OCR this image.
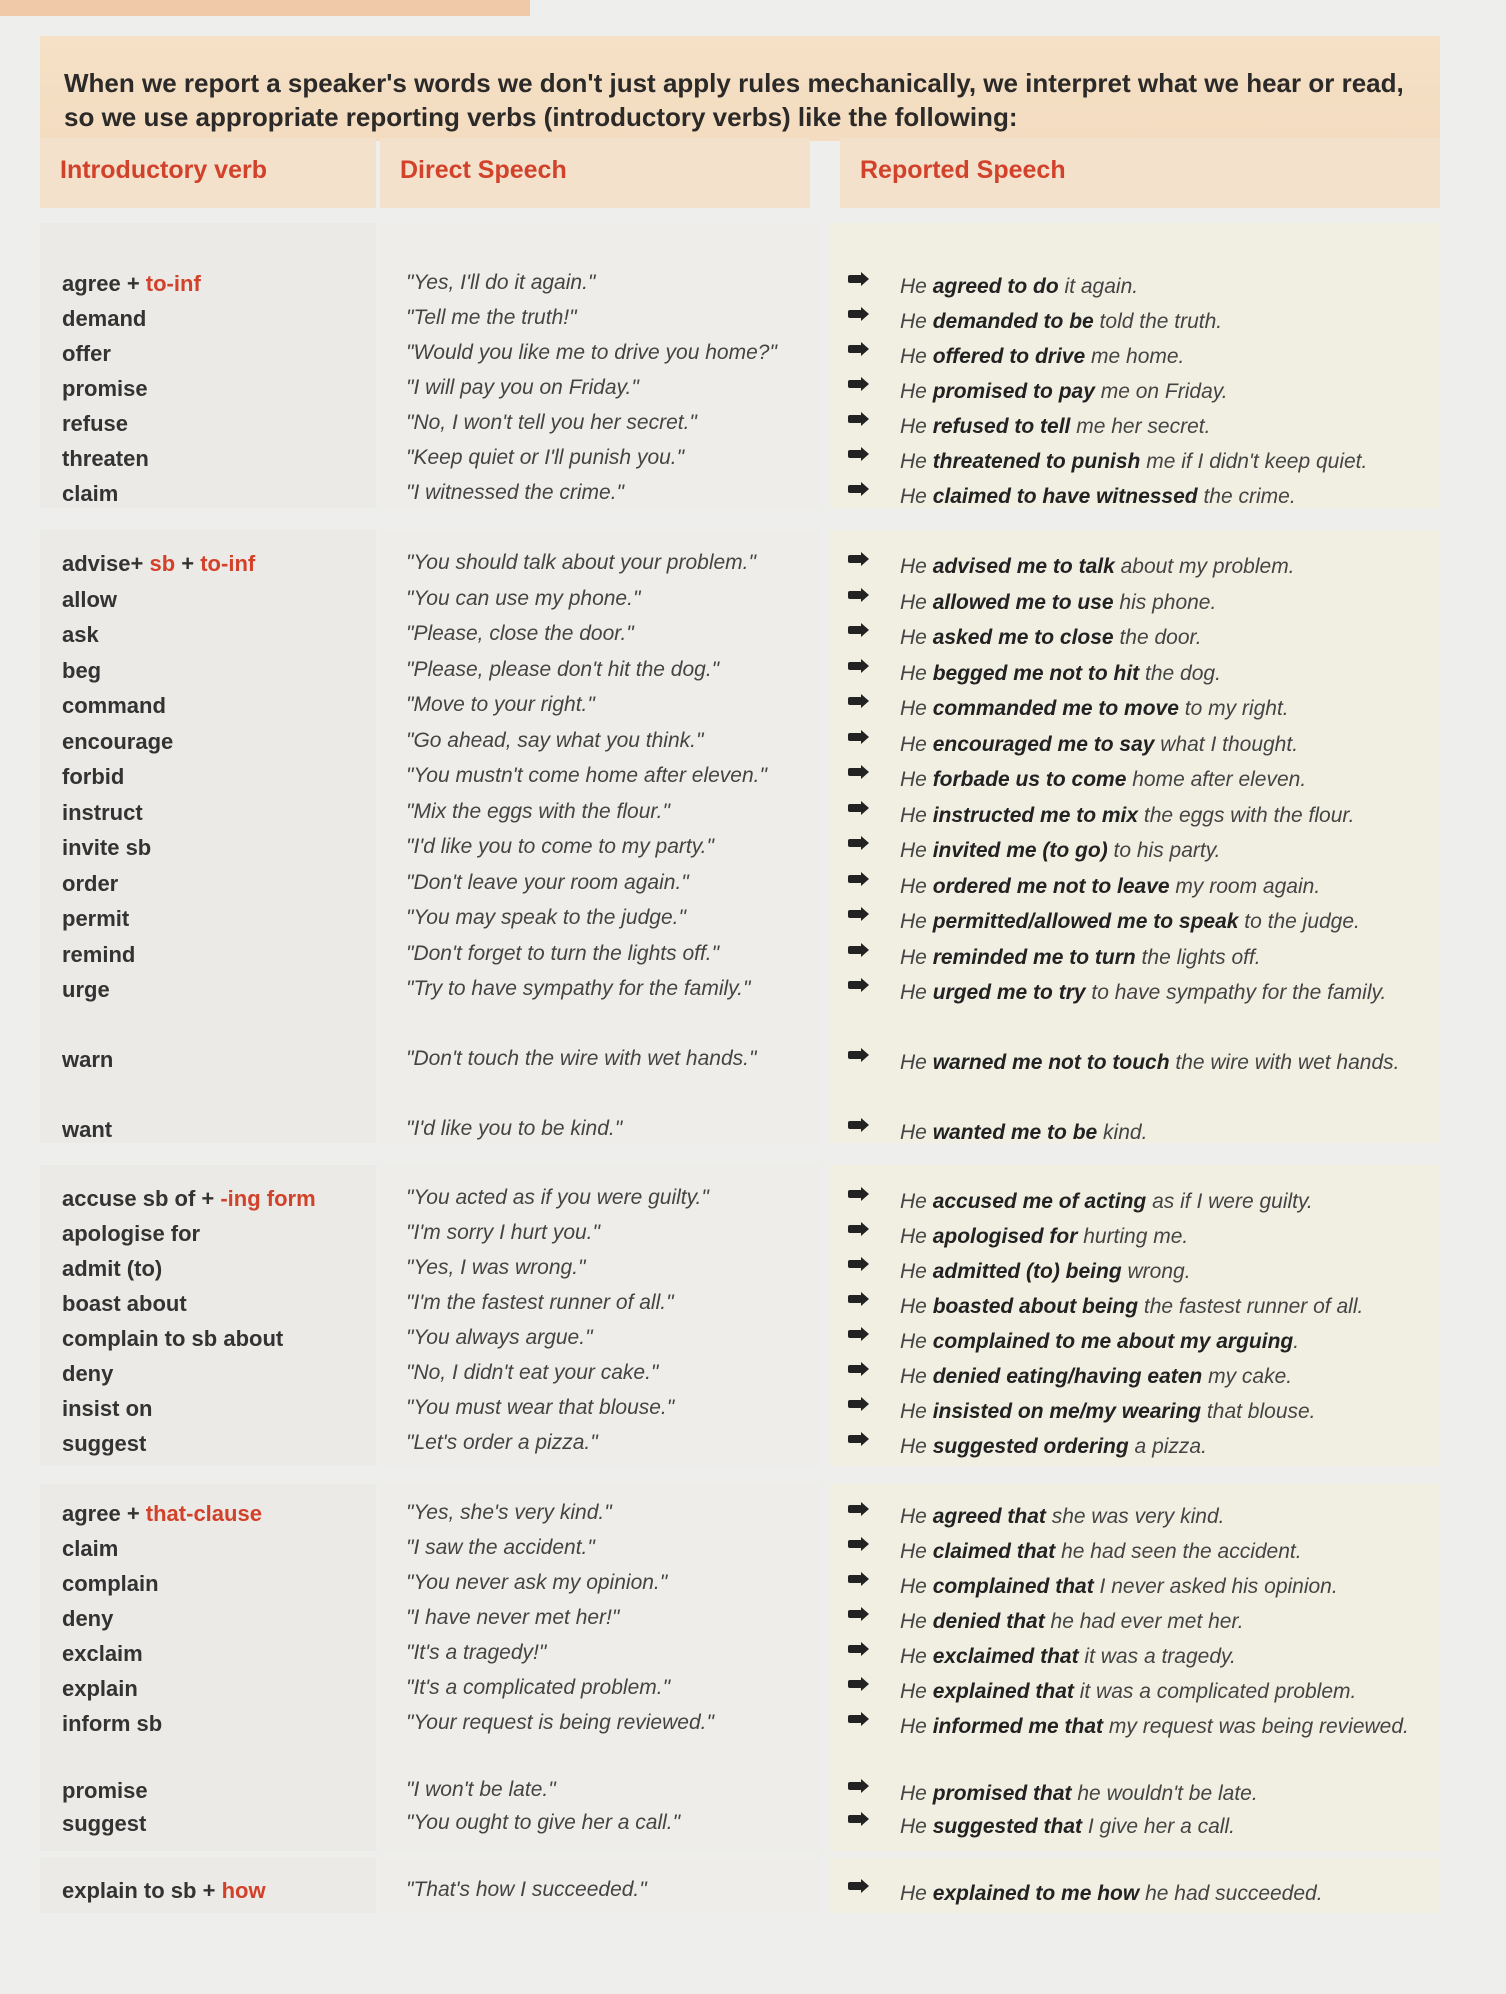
When we report a speaker's words we don't just apply rules mechanically, we interpret what we hear or read, so we use appropriate reporting verbs (introductory verbs) like the following:
Introductory verb	Direct Speech	Reported Speech
agree + to-inf	"Yes, I'll do it again."	He agreed to do it again.
demand	"Tell me the truth!"	He demanded to be told the truth.
offer	"Would you like me to drive you home?"	He offered to drive me home.
promise	"I will pay you on Friday."	He promised to pay me on Friday.
refuse	"No, I won't tell you her secret."	He refused to tell me her secret.
threaten	"Keep quiet or I'll punish you."	He threatened to punish me if I didn't keep quiet.
claim	"I witnessed the crime."	He claimed to have witnessed the crime.
advise+ sb + to-inf	"You should talk about your problem."	He advised me to talk about my problem.
allow	"You can use my phone."	He allowed me to use his phone.
ask	"Please, close the door."	He asked me to close the door.
beg	"Please, please don't hit the dog."	He begged me not to hit the dog.
command	"Move to your right."	He commanded me to move to my right.
encourage	"Go ahead, say what you think."	He encouraged me to say what I thought.
forbid	"You mustn't come home after eleven."	He forbade us to come home after eleven.
instruct	"Mix the eggs with the flour."	He instructed me to mix the eggs with the flour.
invite sb	"I'd like you to come to my party."	He invited me (to go) to his party.
order	"Don't leave your room again."	He ordered me not to leave my room again.
permit	"You may speak to the judge."	He permitted/allowed me to speak to the judge.
remind	"Don't forget to turn the lights off."	He reminded me to turn the lights off.
urge	"Try to have sympathy for the family."	He urged me to try to have sympathy for the family.
warn	"Don't touch the wire with wet hands."	He warned me not to touch the wire with wet hands.
want	"I'd like you to be kind."	He wanted me to be kind.
accuse sb of + -ing form	"You acted as if you were guilty."	He accused me of acting as if I were guilty.
apologise for	"I'm sorry I hurt you."	He apologised for hurting me.
admit (to)	"Yes, I was wrong."	He admitted (to) being wrong.
boast about	"I'm the fastest runner of all."	He boasted about being the fastest runner of all.
complain to sb about	"You always argue."	He complained to me about my arguing.
deny	"No, I didn't eat your cake."	He denied eating/having eaten my cake.
insist on	"You must wear that blouse."	He insisted on me/my wearing that blouse.
suggest	"Let's order a pizza."	He suggested ordering a pizza.
agree + that-clause	"Yes, she's very kind."	He agreed that she was very kind.
claim	"I saw the accident."	He claimed that he had seen the accident.
complain	"You never ask my opinion."	He complained that I never asked his opinion.
deny	"I have never met her!"	He denied that he had ever met her.
exclaim	"It's a tragedy!"	He exclaimed that it was a tragedy.
explain	"It's a complicated problem."	He explained that it was a complicated problem.
inform sb	"Your request is being reviewed."	He informed me that my request was being reviewed.
promise	"I won't be late."	He promised that he wouldn't be late.
suggest	"You ought to give her a call."	He suggested that I give her a call.
explain to sb + how	"That's how I succeeded."	He explained to me how he had succeeded.
